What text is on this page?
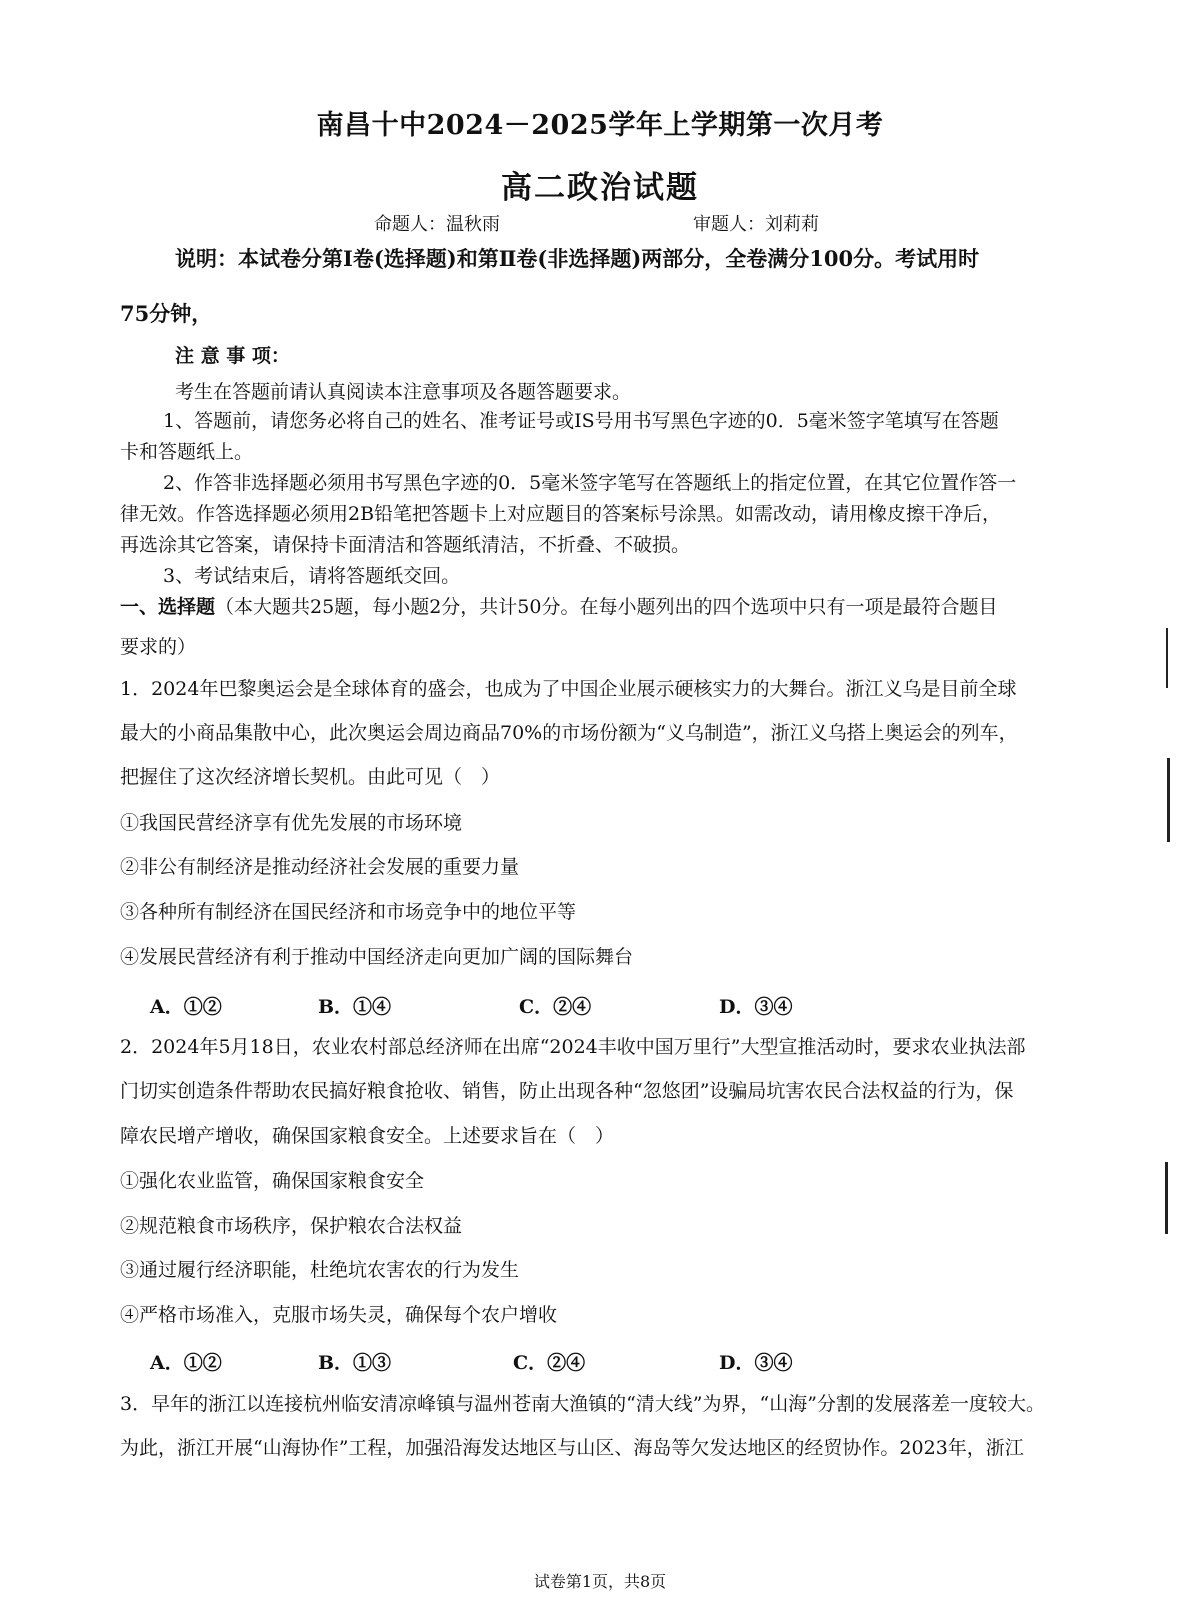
南昌十中2024－2025学年上学期第一次月考
高二政治试题
命题人：温秋雨	审题人：刘莉莉
说明：本试卷分第Ⅰ卷(选择题)和第Ⅱ卷(非选择题)两部分，全卷满分100分。考试用时
75分钟，
注 意 事 项：
考生在答题前请认真阅读本注意事项及各题答题要求。
1、答题前，请您务必将自己的姓名、准考证号或IS号用书写黑色字迹的0．5毫米签字笔填写在答题
卡和答题纸上。
2、作答非选择题必须用书写黑色字迹的0．5毫米签字笔写在答题纸上的指定位置，在其它位置作答一
律无效。作答选择题必须用2B铅笔把答题卡上对应题目的答案标号涂黑。如需改动，请用橡皮擦干净后，
再选涂其它答案，请保持卡面清洁和答题纸清洁，不折叠、不破损。
3、考试结束后，请将答题纸交回。
一、选择题（本大题共25题，每小题2分，共计50分。在每小题列出的四个选项中只有一项是最符合题目
要求的）
1．2024年巴黎奥运会是全球体育的盛会，也成为了中国企业展示硬核实力的大舞台。浙江义乌是目前全球
最大的小商品集散中心，此次奥运会周边商品70%的市场份额为“义乌制造”，浙江义乌搭上奥运会的列车，
把握住了这次经济增长契机。由此可见（　）
①我国民营经济享有优先发展的市场环境
②非公有制经济是推动经济社会发展的重要力量
③各种所有制经济在国民经济和市场竞争中的地位平等
④发展民营经济有利于推动中国经济走向更加广阔的国际舞台
A．①②	B．①④	C．②④	D．③④
2．2024年5月18日，农业农村部总经济师在出席“2024丰收中国万里行”大型宣推活动时，要求农业执法部
门切实创造条件帮助农民搞好粮食抢收、销售，防止出现各种“忽悠团”设骗局坑害农民合法权益的行为，保
障农民增产增收，确保国家粮食安全。上述要求旨在（　）
①强化农业监管，确保国家粮食安全
②规范粮食市场秩序，保护粮农合法权益
③通过履行经济职能，杜绝坑农害农的行为发生
④严格市场准入，克服市场失灵，确保每个农户增收
A．①②	B．①③	C．②④	D．③④
3．早年的浙江以连接杭州临安清凉峰镇与温州苍南大渔镇的“清大线”为界，“山海”分割的发展落差一度较大。
为此，浙江开展“山海协作”工程，加强沿海发达地区与山区、海岛等欠发达地区的经贸协作。2023年，浙江
试卷第1页，共8页
